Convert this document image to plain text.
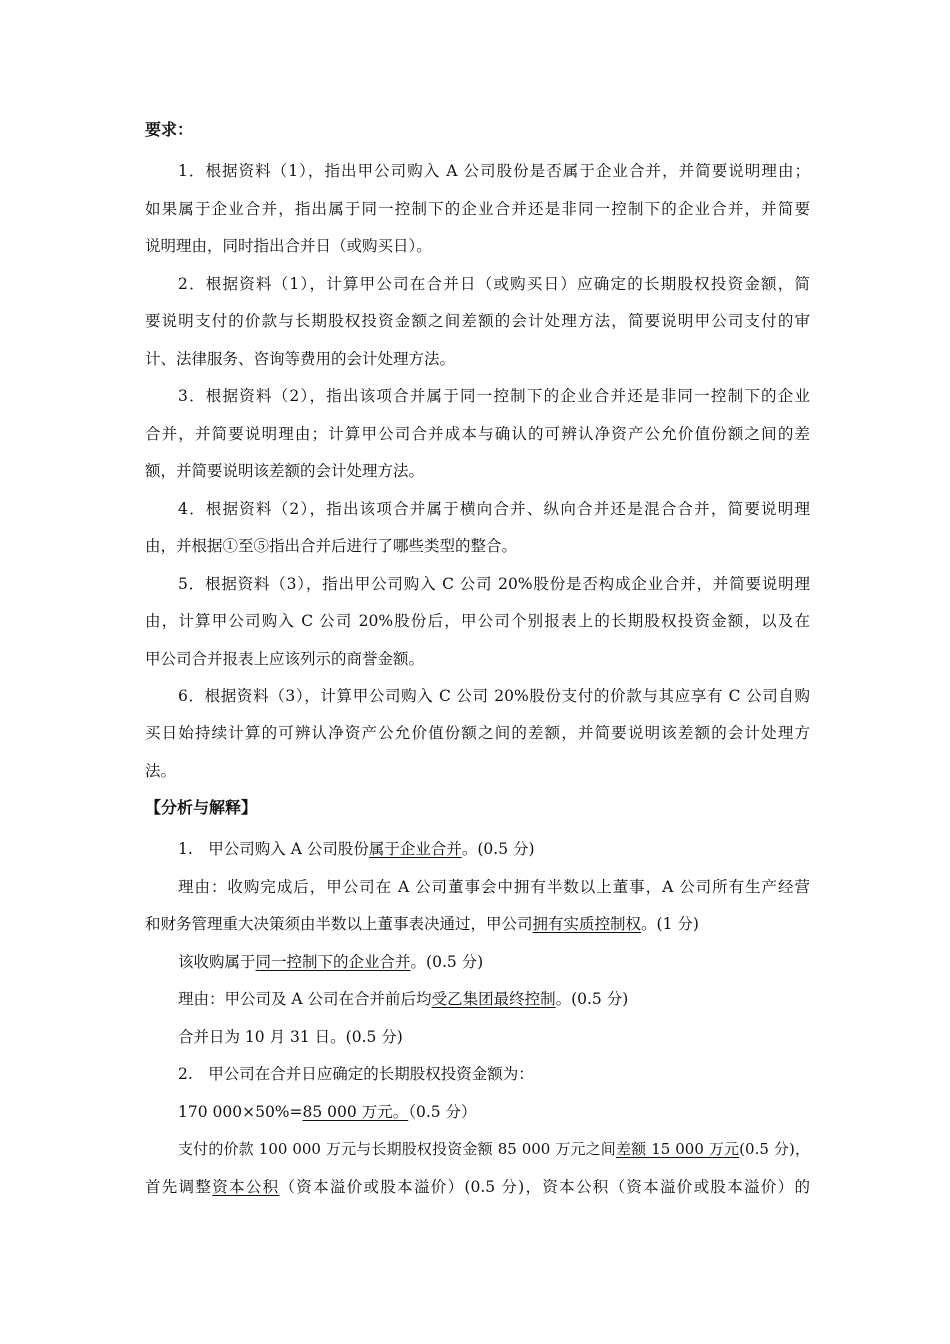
要求：

1．根据资料（1），指出甲公司购入 A 公司股份是否属于企业合并，并简要说明理由；

如果属于企业合并，指出属于同一控制下的企业合并还是非同一控制下的企业合并，并简要

说明理由，同时指出合并日（或购买日）。

2．根据资料（1），计算甲公司在合并日（或购买日）应确定的长期股权投资金额，简

要说明支付的价款与长期股权投资金额之间差额的会计处理方法，简要说明甲公司支付的审

计、法律服务、咨询等费用的会计处理方法。

3．根据资料（2），指出该项合并属于同一控制下的企业合并还是非同一控制下的企业

合并，并简要说明理由；计算甲公司合并成本与确认的可辨认净资产公允价值份额之间的差

额，并简要说明该差额的会计处理方法。

4．根据资料（2），指出该项合并属于横向合并、纵向合并还是混合合并，简要说明理

由，并根据①至⑤指出合并后进行了哪些类型的整合。

5．根据资料（3），指出甲公司购入 C 公司 20%股份是否构成企业合并，并简要说明理

由，计算甲公司购入 C 公司 20%股份后，甲公司个别报表上的长期股权投资金额，以及在

甲公司合并报表上应该列示的商誉金额。

6．根据资料（3），计算甲公司购入 C 公司 20%股份支付的价款与其应享有 C 公司自购

买日始持续计算的可辨认净资产公允价值份额之间的差额，并简要说明该差额的会计处理方

法。

【分析与解释】

1.　甲公司购入 A 公司股份属于企业合并。(0.5 分)

理由：收购完成后，甲公司在 A 公司董事会中拥有半数以上董事，A 公司所有生产经营

和财务管理重大决策须由半数以上董事表决通过，甲公司拥有实质控制权。(1 分)

该收购属于同一控制下的企业合并。(0.5 分)

理由：甲公司及 A 公司在合并前后均受乙集团最终控制。(0.5 分)

合并日为 10 月 31 日。(0.5 分)

2.　甲公司在合并日应确定的长期股权投资金额为：

170 000×50%=85 000 万元。（0.5 分）

支付的价款 100 000 万元与长期股权投资金额 85 000 万元之间差额 15 000 万元(0.5 分)，

首先调整资本公积（资本溢价或股本溢价）(0.5 分)，资本公积（资本溢价或股本溢价）的
